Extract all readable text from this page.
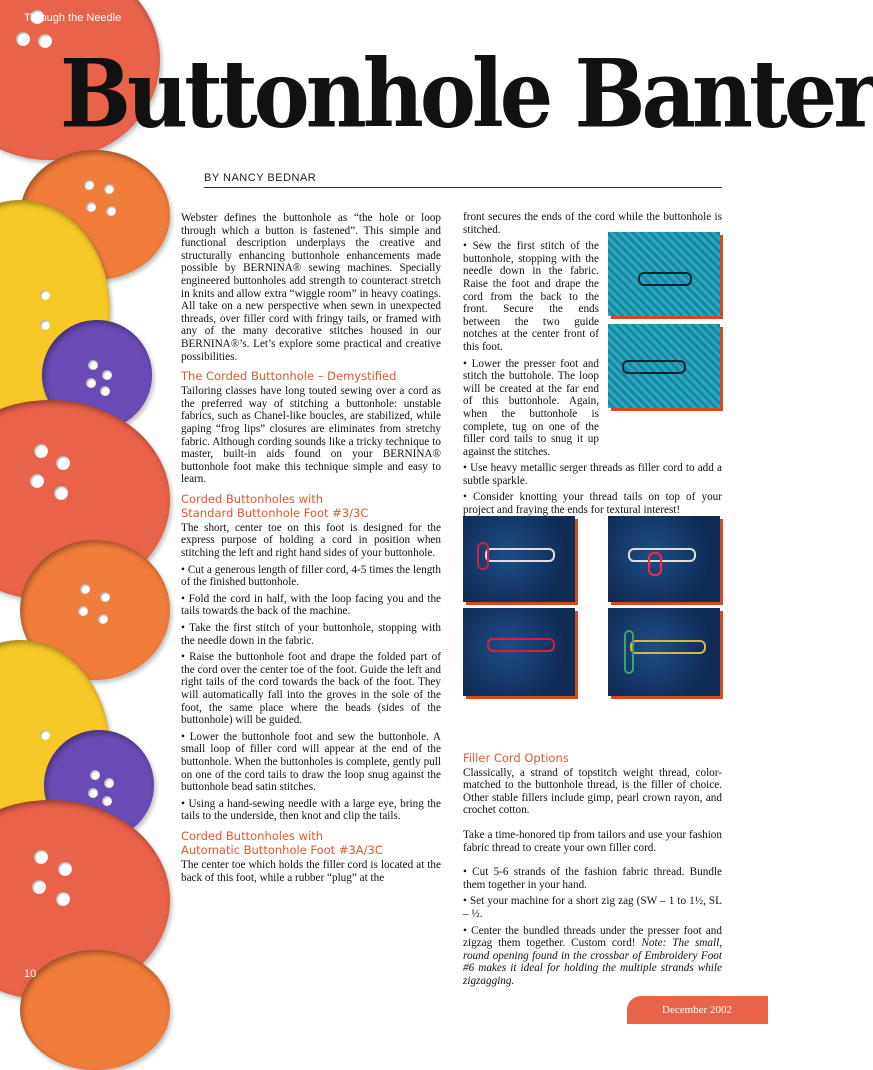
Through the Needle
Buttonhole Banter
BY NANCY BEDNAR

Webster defines the buttonhole as “the hole or loop through which a button is fastened”. This simple and functional description underplays the creative and structurally enhancing buttonhole enhancements made possible by BERNINA® sewing machines. Specially engineered buttonholes add strength to counteract stretch in knits and allow extra “wiggle room” in heavy coatings. All take on a new perspective when sewn in unexpected threads, over filler cord with fringy tails, or framed with any of the many decorative stitches housed in our BERNINA®’s. Let’s explore some practical and creative possibilities.

The Corded Buttonhole – Demystified

Tailoring classes have long touted sewing over a cord as the preferred way of stitching a buttonhole: unstable fabrics, such as Chanel-like boucles, are stabilized, while gaping “frog lips” closures are eliminates from stretchy fabric. Although cording sounds like a tricky technique to master, built-in aids found on your BERNINA® buttonhole foot make this technique simple and easy to learn.

Corded Buttonholes with
Standard Buttonhole Foot #3/3C

The short, center toe on this foot is designed for the express purpose of holding a cord in position when stitching the left and right hand sides of your buttonhole.

• Cut a generous length of filler cord, 4-5 times the length of the finished buttonhole.

• Fold the cord in half, with the loop facing you and the tails towards the back of the machine.

• Take the first stitch of your buttonhole, stopping with the needle down in the fabric.

• Raise the buttonhole foot and drape the folded part of the cord over the center toe of the foot. Guide the left and right tails of the cord towards the back of the foot. They will automatically fall into the groves in the sole of the foot, the same place where the beads (sides of the buttonhole) will be guided.

• Lower the buttonhole foot and sew the buttonhole. A small loop of filler cord will appear at the end of the buttonhole. When the buttonholes is complete, gently pull on one of the cord tails to draw the loop snug against the buttonhole bead satin stitches.

• Using a hand-sewing needle with a large eye, bring the tails to the underside, then knot and clip the tails.

Corded Buttonholes with
Automatic Buttonhole Foot #3A/3C

The center toe which holds the filler cord is located at the back of this foot, while a rubber “plug” at the

front secures the ends of the cord while the buttonhole is stitched.

• Sew the first stitch of the buttonhole, stopping with the needle down in the fabric. Raise the foot and drape the cord from the back to the front. Secure the ends between the two guide notches at the center front of this foot.

• Lower the presser foot and stitch the buttohole. The loop will be created at the far end of this buttonhole. Again, when the buttonhole is complete, tug on one of the filler cord tails to snug it up against the stitches.

• Use heavy metallic serger threads as filler cord to add a subtle sparkle.

• Consider knotting your thread tails on top of your project and fraying the ends for textural interest!

Filler Cord Options

Classically, a strand of topstitch weight thread, color-matched to the buttonhole thread, is the filler of choice. Other stable fillers include gimp, pearl crown rayon, and crochet cotton.

Take a time-honored tip from tailors and use your fashion fabric thread to create your own filler cord.

• Cut 5-6 strands of the fashion fabric thread. Bundle them together in your hand.

• Set your machine for a short zig zag (SW – 1 to 1½, SL – ½.

• Center the bundled threads under the presser foot and zigzag them together. Custom cord! Note: The small, round opening found in the crossbar of Embroidery Foot #6 makes it ideal for holding the multiple strands while zigzagging.

10
December 2002
